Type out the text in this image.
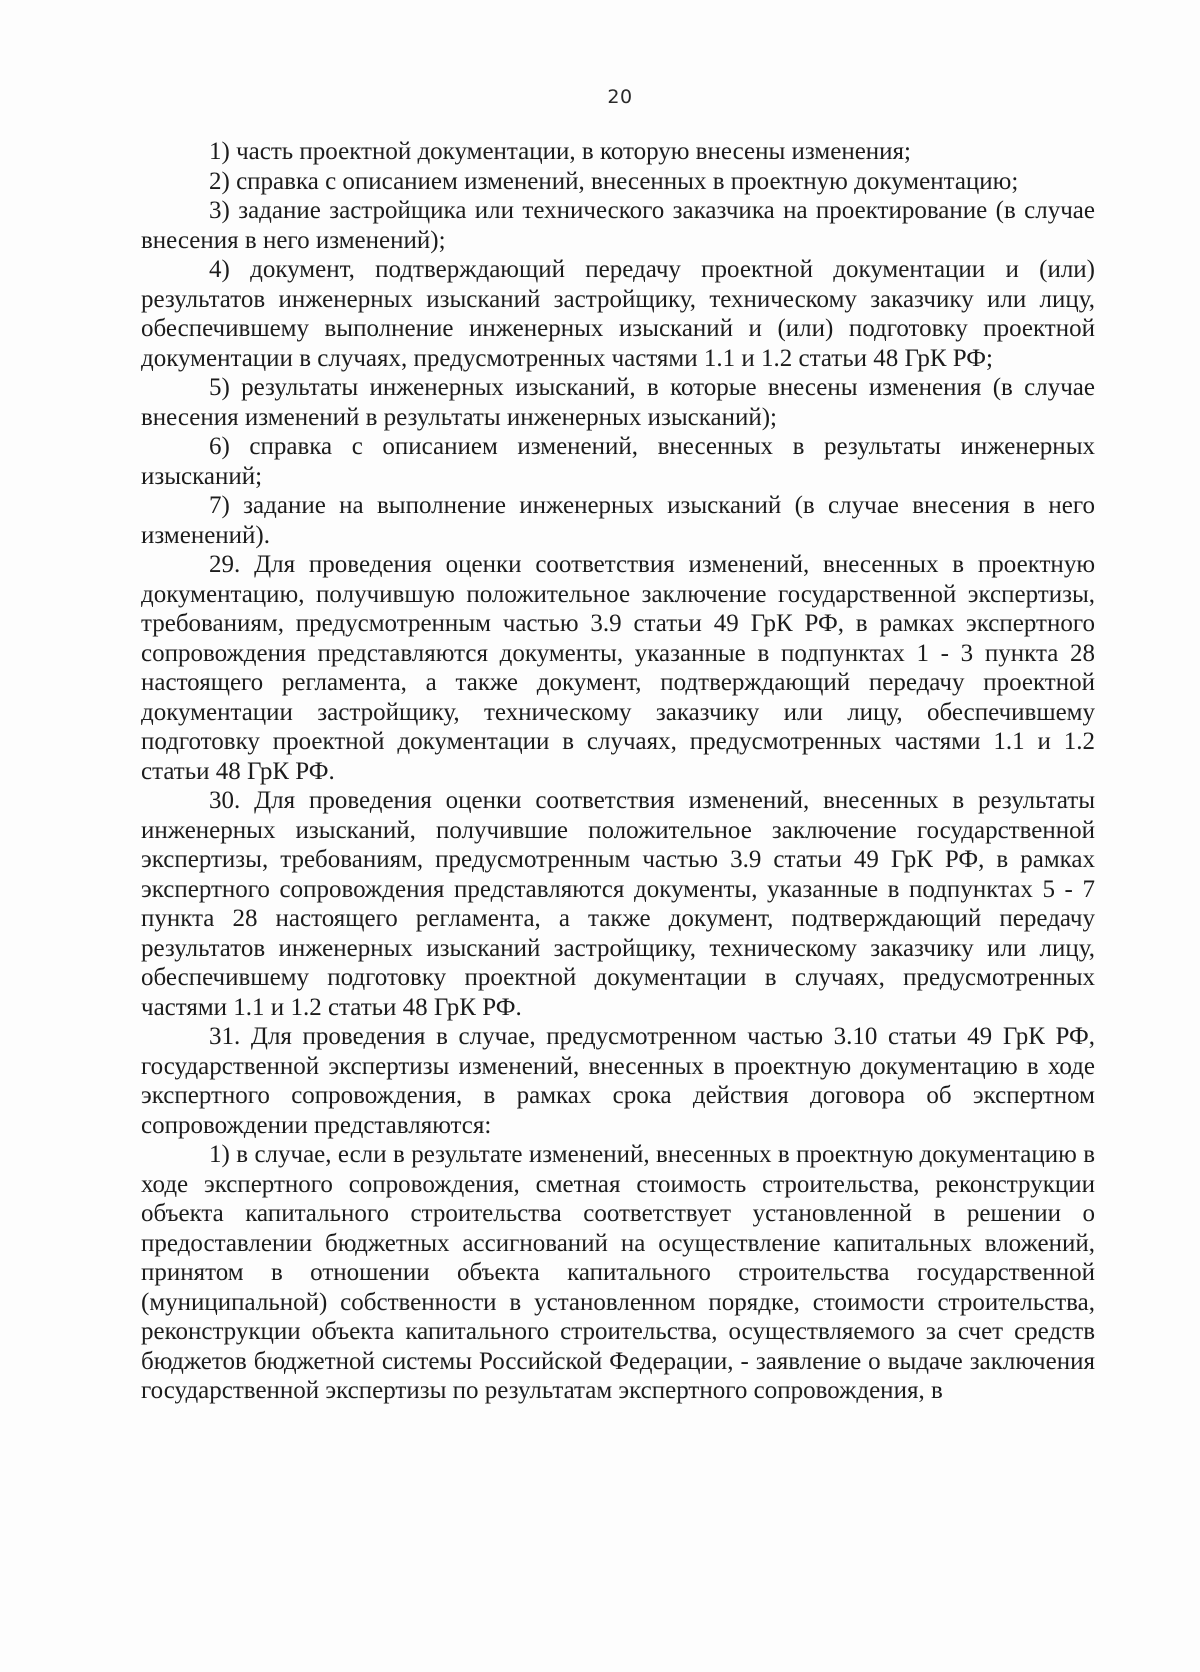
20

1) часть проектной документации, в которую внесены изменения;

2) справка с описанием изменений, внесенных в проектную документацию;

3) задание застройщика или технического заказчика на проектирование (в случае внесения в него изменений);

4) документ, подтверждающий передачу проектной документации и (или) результатов инженерных изысканий застройщику, техническому заказчику или лицу, обеспечившему выполнение инженерных изысканий и (или) подготовку проектной документации в случаях, предусмотренных частями 1.1 и 1.2 статьи 48 ГрК РФ;

5) результаты инженерных изысканий, в которые внесены изменения (в случае внесения изменений в результаты инженерных изысканий);

6) справка с описанием изменений, внесенных в результаты инженерных изысканий;

7) задание на выполнение инженерных изысканий (в случае внесения в него изменений).

29. Для проведения оценки соответствия изменений, внесенных в проектную документацию, получившую положительное заключение государственной экспертизы, требованиям, предусмотренным частью 3.9 статьи 49 ГрК РФ, в рамках экспертного сопровождения представляются документы, указанные в подпунктах 1 - 3 пункта 28 настоящего регламента, а также документ, подтверждающий передачу проектной документации застройщику, техническому заказчику или лицу, обеспечившему подготовку проектной документации в случаях, предусмотренных частями 1.1 и 1.2 статьи 48 ГрК РФ.

30. Для проведения оценки соответствия изменений, внесенных в результаты инженерных изысканий, получившие положительное заключение государственной экспертизы, требованиям, предусмотренным частью 3.9 статьи 49 ГрК РФ, в рамках экспертного сопровождения представляются документы, указанные в подпунктах 5 - 7 пункта 28 настоящего регламента, а также документ, подтверждающий передачу результатов инженерных изысканий застройщику, техническому заказчику или лицу, обеспечившему подготовку проектной документации в случаях, предусмотренных частями 1.1 и 1.2 статьи 48 ГрК РФ.

31. Для проведения в случае, предусмотренном частью 3.10 статьи 49 ГрК РФ, государственной экспертизы изменений, внесенных в проектную документацию в ходе экспертного сопровождения, в рамках срока действия договора об экспертном сопровождении представляются:

1) в случае, если в результате изменений, внесенных в проектную документацию в ходе экспертного сопровождения, сметная стоимость строительства, реконструкции объекта капитального строительства соответствует установленной в решении о предоставлении бюджетных ассигнований на осуществление капитальных вложений, принятом в отношении объекта капитального строительства государственной (муниципальной) собственности в установленном порядке, стоимости строительства, реконструкции объекта капитального строительства, осуществляемого за счет средств бюджетов бюджетной системы Российской Федерации, - заявление о выдаче заключения государственной экспертизы по результатам экспертного сопровождения, в
